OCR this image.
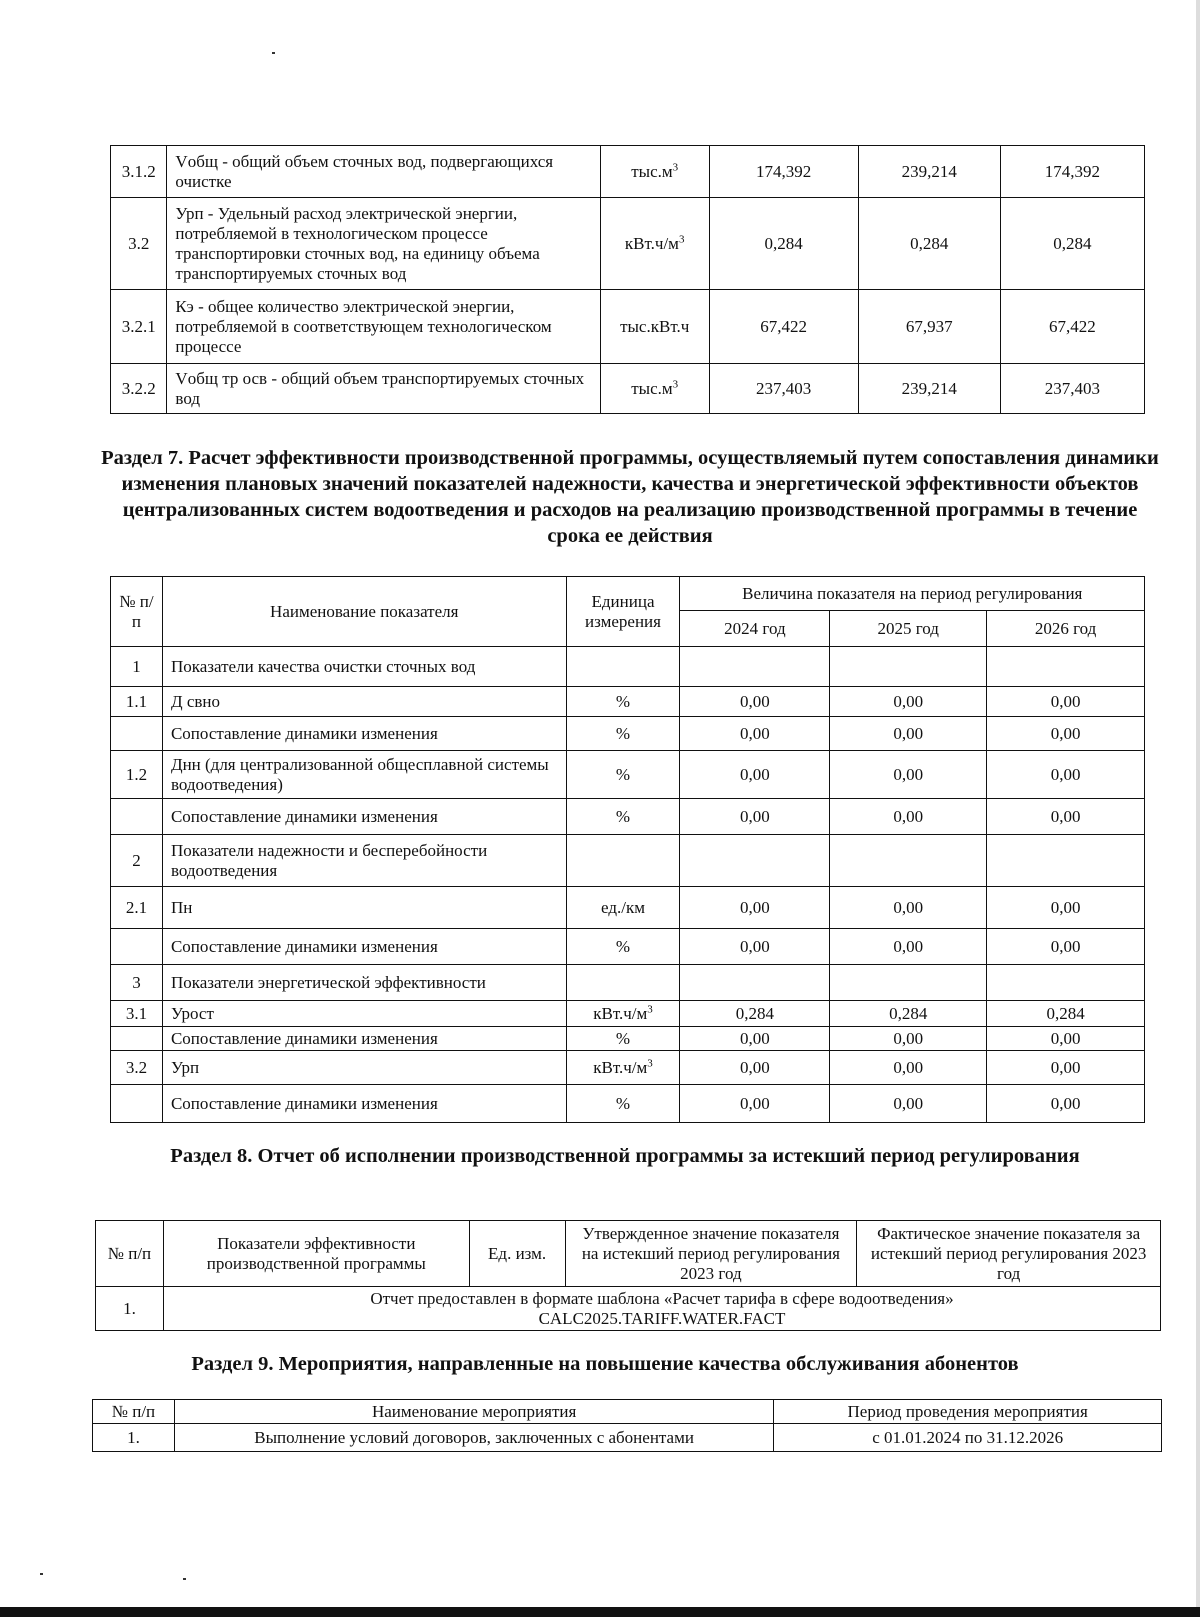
3.1.2	Vобщ - общий объем сточных вод, подвергающихся очистке	$тыс.м^3$	174,392	239,214	174,392
3.2	Урп - Удельный расход электрической энергии, потребляемой в технологическом процессе транспортировки сточных вод, на единицу объема транспортируемых сточных вод	$кВт.ч/м^3$	0,284	0,284	0,284
3.2.1	Кэ - общее количество электрической энергии, потребляемой в соответствующем технологическом процессе	тыс.кВт.ч	67,422	67,937	67,422
3.2.2	Vобщ тр осв - общий объем транспортируемых сточных вод	$тыс.м^3$	237,403	239,214	237,403
Раздел 7. Расчет эффективности производственной программы, осуществляемый путем сопоставления динамики изменения плановых значений показателей надежности, качества и энергетической эффективности объектов централизованных систем водоотведения и расходов на реализацию производственной программы в течение срока ее действия
№ п/п	Наименование показателя	Единица измерения	Величина показателя на период регулирования		
			2024 год	2025 год	2026 год
1	Показатели качества очистки сточных вод				
1.1	Д свно	%	0,00	0,00	0,00
	Сопоставление динамики изменения	%	0,00	0,00	0,00
1.2	Днн (для централизованной общесплавной системы водоотведения)	%	0,00	0,00	0,00
	Сопоставление динамики изменения	%	0,00	0,00	0,00
2	Показатели надежности и бесперебойности водоотведения				
2.1	Пн	ед./км	0,00	0,00	0,00
	Сопоставление динамики изменения	%	0,00	0,00	0,00
3	Показатели энергетической эффективности				
3.1	Урост	$кВт.ч/м^3$	0,284	0,284	0,284
	Сопоставление динамики изменения	%	0,00	0,00	0,00
3.2	Урп	$кВт.ч/м^3$	0,00	0,00	0,00
	Сопоставление динамики изменения	%	0,00	0,00	0,00
Раздел 8. Отчет об исполнении производственной программы за истекший период регулирования
№ п/п	Показатели эффективности производственной программы	Ед. изм.	Утвержденное значение показателя на истекший период регулирования 2023 год	Фактическое значение показателя за истекший период регулирования 2023 год
1.	Отчет предоставлен в формате шаблона «Расчет тарифа в сфере водоотведения»
CALC2025.TARIFF.WATER.FACT			
Раздел 9. Мероприятия, направленные на повышение качества обслуживания абонентов
№ п/п	Наименование мероприятия	Период проведения мероприятия
1.	Выполнение условий договоров, заключенных с абонентами	с 01.01.2024 по 31.12.2026
